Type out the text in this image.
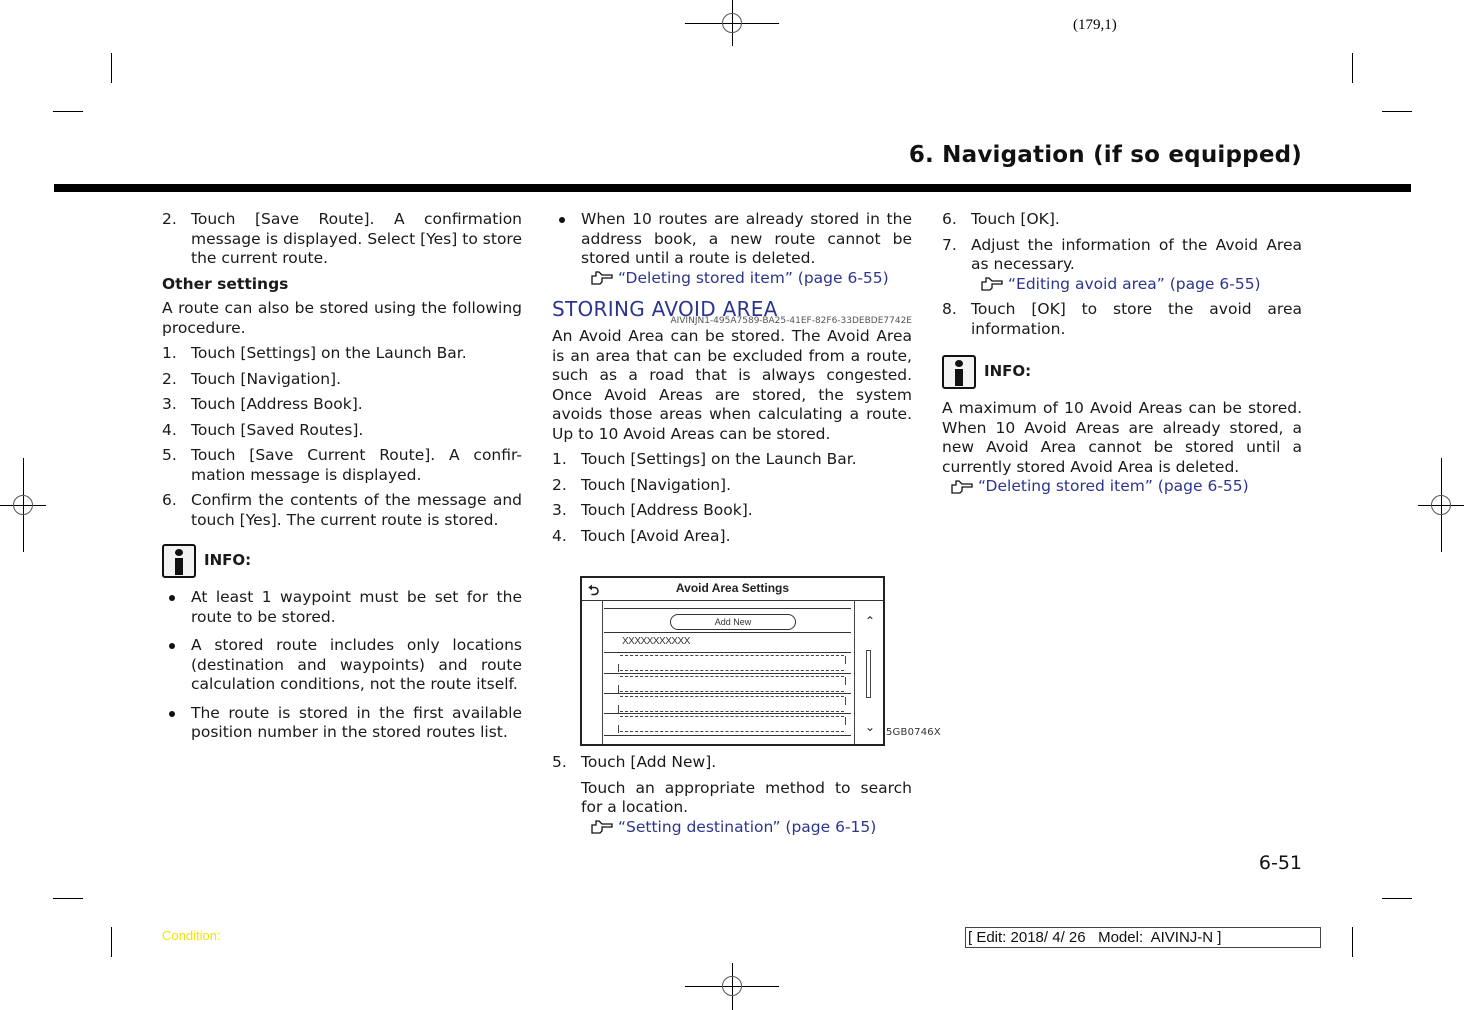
(179,1)
6. Navigation (if so equipped)
2. Touch [Save Route]. A confirmation message is displayed. Select [Yes] to store the current route.
Other settings

A route can also be stored using the following procedure.

1. Touch [Settings] on the Launch Bar.
2. Touch [Navigation].
3. Touch [Address Book].
4. Touch [Saved Routes].
5. Touch [Save Current Route]. A confir-mation message is displayed.
6. Confirm the contents of the message and touch [Yes]. The current route is stored.
INFO:
At least 1 waypoint must be set for the route to be stored.
A stored route includes only locations (destination and waypoints) and route calculation conditions, not the route itself.
The route is stored in the first available position number in the stored routes list.
When 10 routes are already stored in the address book, a new route cannot be stored until a route is deleted.
“Deleting stored item” (page 6-55)
STORING AVOID AREA
AIVINJN1-495A7589-BA25-41EF-82F6-33DEBDE7742E

An Avoid Area can be stored. The Avoid Area is an area that can be excluded from a route, such as a road that is always congested. Once Avoid Areas are stored, the system avoids those areas when calculating a route. Up to 10 Avoid Areas can be stored.

1. Touch [Settings] on the Launch Bar.
2. Touch [Navigation].
3. Touch [Address Book].
4. Touch [Avoid Area].
⮌	Avoid Area Settings
Add New
XXXXXXXXXXX
⌃
⌄ 5GB0746X
5. Touch [Add New].

Touch an appropriate method to search for a location.

“Setting destination” (page 6-15)
6. Touch [OK].
7. Adjust the information of the Avoid Area as necessary.
“Editing avoid area” (page 6-55)
8. Touch [OK] to store the avoid area information.
INFO:

A maximum of 10 Avoid Areas can be stored. When 10 Avoid Areas are already stored, a new Avoid Area cannot be stored until a currently stored Avoid Area is deleted.

“Deleting stored item” (page 6-55)
6-51
Condition:	[ Edit: 2018/ 4/ 26   Model:  AIVINJ-N ]
